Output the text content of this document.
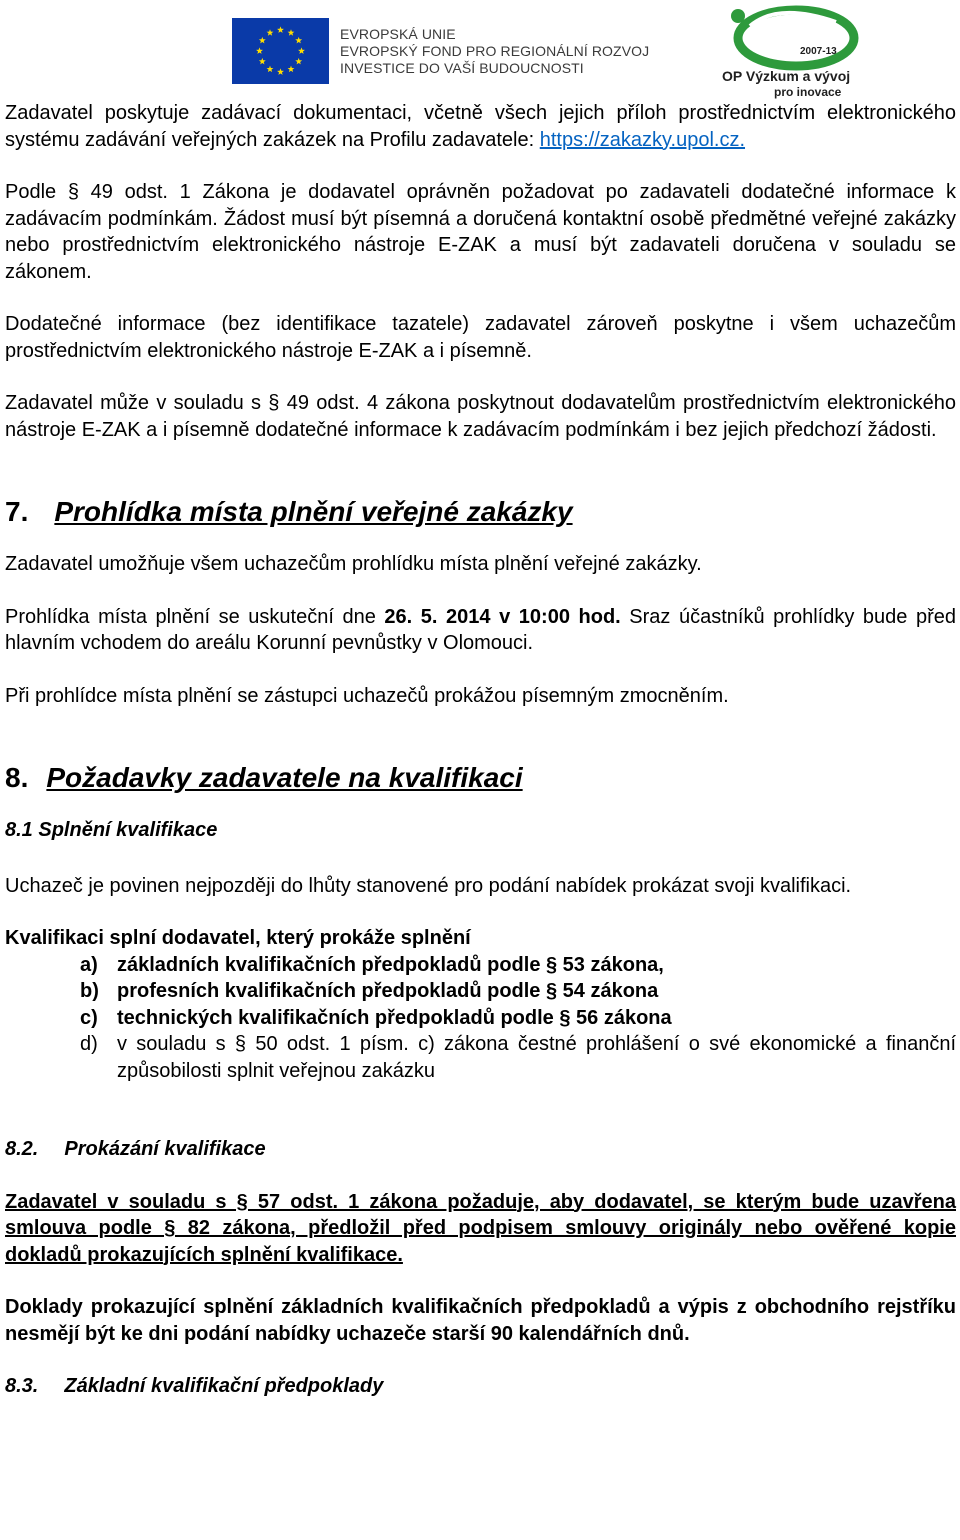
EVROPSKÁ UNIE
EVROPSKÝ FOND PRO REGIONÁLNÍ ROZVOJ
INVESTICE DO VAŠÍ BUDOUCNOSTI
2007-13
OP Výzkum a vývoj
pro inovace

Zadavatel poskytuje zadávací dokumentaci, včetně všech jejich příloh prostřednictvím elektronického systému zadávání veřejných zakázek na Profilu zadavatele: https://zakazky.upol.cz.

Podle § 49 odst. 1 Zákona je dodavatel oprávněn požadovat po zadavateli dodatečné informace k zadávacím podmínkám. Žádost musí být písemná a doručená kontaktní osobě předmětné veřejné zakázky nebo prostřednictvím elektronického nástroje E-ZAK a musí být zadavateli doručena v souladu se zákonem.

Dodatečné informace (bez identifikace tazatele) zadavatel zároveň poskytne i všem uchazečům prostřednictvím elektronického nástroje E-ZAK a i písemně.

Zadavatel může v souladu s § 49 odst. 4 zákona poskytnout dodavatelům prostřednictvím elektronického nástroje E-ZAK a i písemně dodatečné informace k zadávacím podmínkám i bez jejich předchozí žádosti.

7. Prohlídka místa plnění veřejné zakázky

Zadavatel umožňuje všem uchazečům prohlídku místa plnění veřejné zakázky.

Prohlídka místa plnění se uskuteční dne 26. 5. 2014 v 10:00 hod. Sraz účastníků prohlídky bude před hlavním vchodem do areálu Korunní pevnůstky v Olomouci.

Při prohlídce místa plnění se zástupci uchazečů prokážou písemným zmocněním.

8. Požadavky zadavatele na kvalifikaci

8.1 Splnění kvalifikace

Uchazeč je povinen nejpozději do lhůty stanovené pro podání nabídek prokázat svoji kvalifikaci.

Kvalifikaci splní dodavatel, který prokáže splnění

a) základních kvalifikačních předpokladů podle § 53 zákona,
b) profesních kvalifikačních předpokladů podle § 54 zákona
c) technických kvalifikačních předpokladů podle § 56 zákona
d) v souladu s § 50 odst. 1 písm. c) zákona čestné prohlášení o své ekonomické a finanční způsobilosti splnit veřejnou zakázku
8.2. Prokázání kvalifikace

Zadavatel v souladu s § 57 odst. 1 zákona požaduje, aby dodavatel, se kterým bude uzavřena smlouva podle § 82 zákona, předložil před podpisem smlouvy originály nebo ověřené kopie dokladů prokazujících splnění kvalifikace.

Doklady prokazující splnění základních kvalifikačních předpokladů a výpis z obchodního rejstříku nesmějí být ke dni podání nabídky uchazeče starší 90 kalendářních dnů.

8.3. Základní kvalifikační předpoklady
